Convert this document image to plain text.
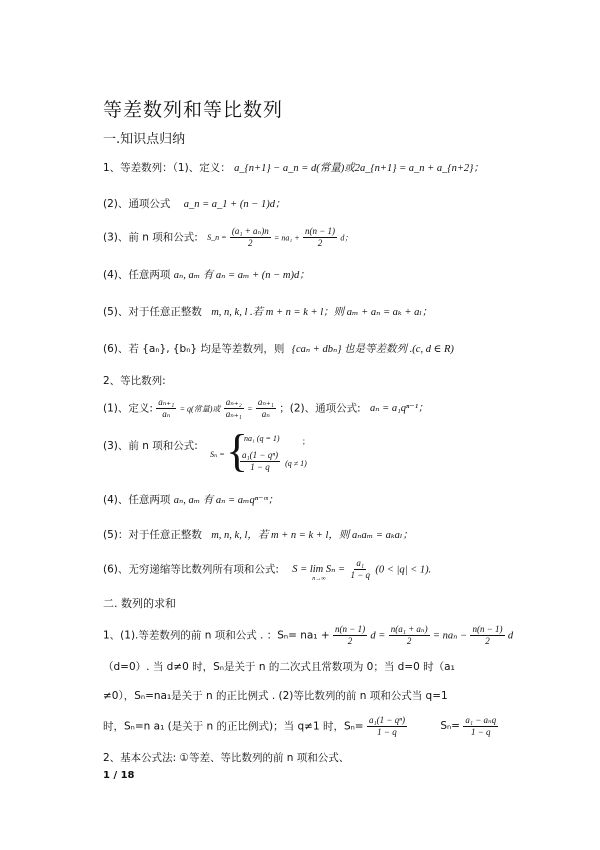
等差数列和等比数列
一.知识点归纳
1、等差数列：（1)、定义： a_{n+1} − a_n = d(常量)或2a_{n+1} = a_n + a_{n+2}；
(2)、通项公式 a_n = a_1 + (n − 1)d；
(3)、前 n 项和公式: S_n = $\frac{\text{(a₁ + aₙ)n}}{2} = na_1 + \frac{n(n - 1)}{2}$ d；
(4)、任意两项 aₙ, aₘ 有 aₙ = aₘ + (n − m)d；
(5)、对于任意正整数 m, n, k, l .若 m + n = k + l；则 aₘ + aₙ = aₖ + aₗ；
(6)、若 {aₙ}, {bₙ} 均是等差数列，则 {caₙ + dbₙ} 也是等差数列 .(c, d ∈ R)
2、等比数列:
(1)、定义: $\frac{\text{aₙ₊₁}}{\text{aₙ}} = q$(常量)或 $\frac{\text{aₙ₊₂}}{\text{aₙ₊₁}} = \frac{\text{aₙ₊₁}}{\text{aₙ}}$ ；(2)、通项公式: aₙ = a₁qⁿ⁻¹；
(3)、前 n 项和公式:
Sₙ = {
na₁ (q = 1)
$\frac{\text{a₁(1 − qⁿ)}}{1 - q} (q \ne 1)$
；
(4)、任意两项 aₙ, aₘ 有 aₙ = aₘqⁿ⁻ᵐ；
(5)：对于任意正整数 m, n, k, l，若 m + n = k + l，则 aₙaₘ = aₖaₗ；
(6)、无穷递缩等比数列所有项和公式: S = lim Sₙ =
n→∞
	$\frac{\text{a₁}}{1 - q} (0 < |q| < 1)$.
二. 数列的求和
1、(1).等差数列的前 n 项和公式 . ：$S_n= na_1 + \frac{n(n - 1)}{2}$ $d = \frac{\text{n(a₁ + aₙ)}}{2} = na_n - \frac{n(n - 1)}{2}$ d
（d=0）. 当 d≠0 时，Sₙ是关于 n 的二次式且常数项为 0；当 d=0 时（a₁
≠0），Sₙ=na₁是关于 n 的正比例式 . (2)等比数列的前 n 项和公式当 q=1
时，Sₙ=n a₁ (是关于 n 的正比例式)；当 q≠1 时，$S_n= \frac{\text{a₁(1 − qⁿ)}}{1 - q}$	$S_n= \frac{\text{a₁ − aₙq}}{1 - q}$
2、基本公式法: ①等差、等比数列的前 n 项和公式、
1 / 18
